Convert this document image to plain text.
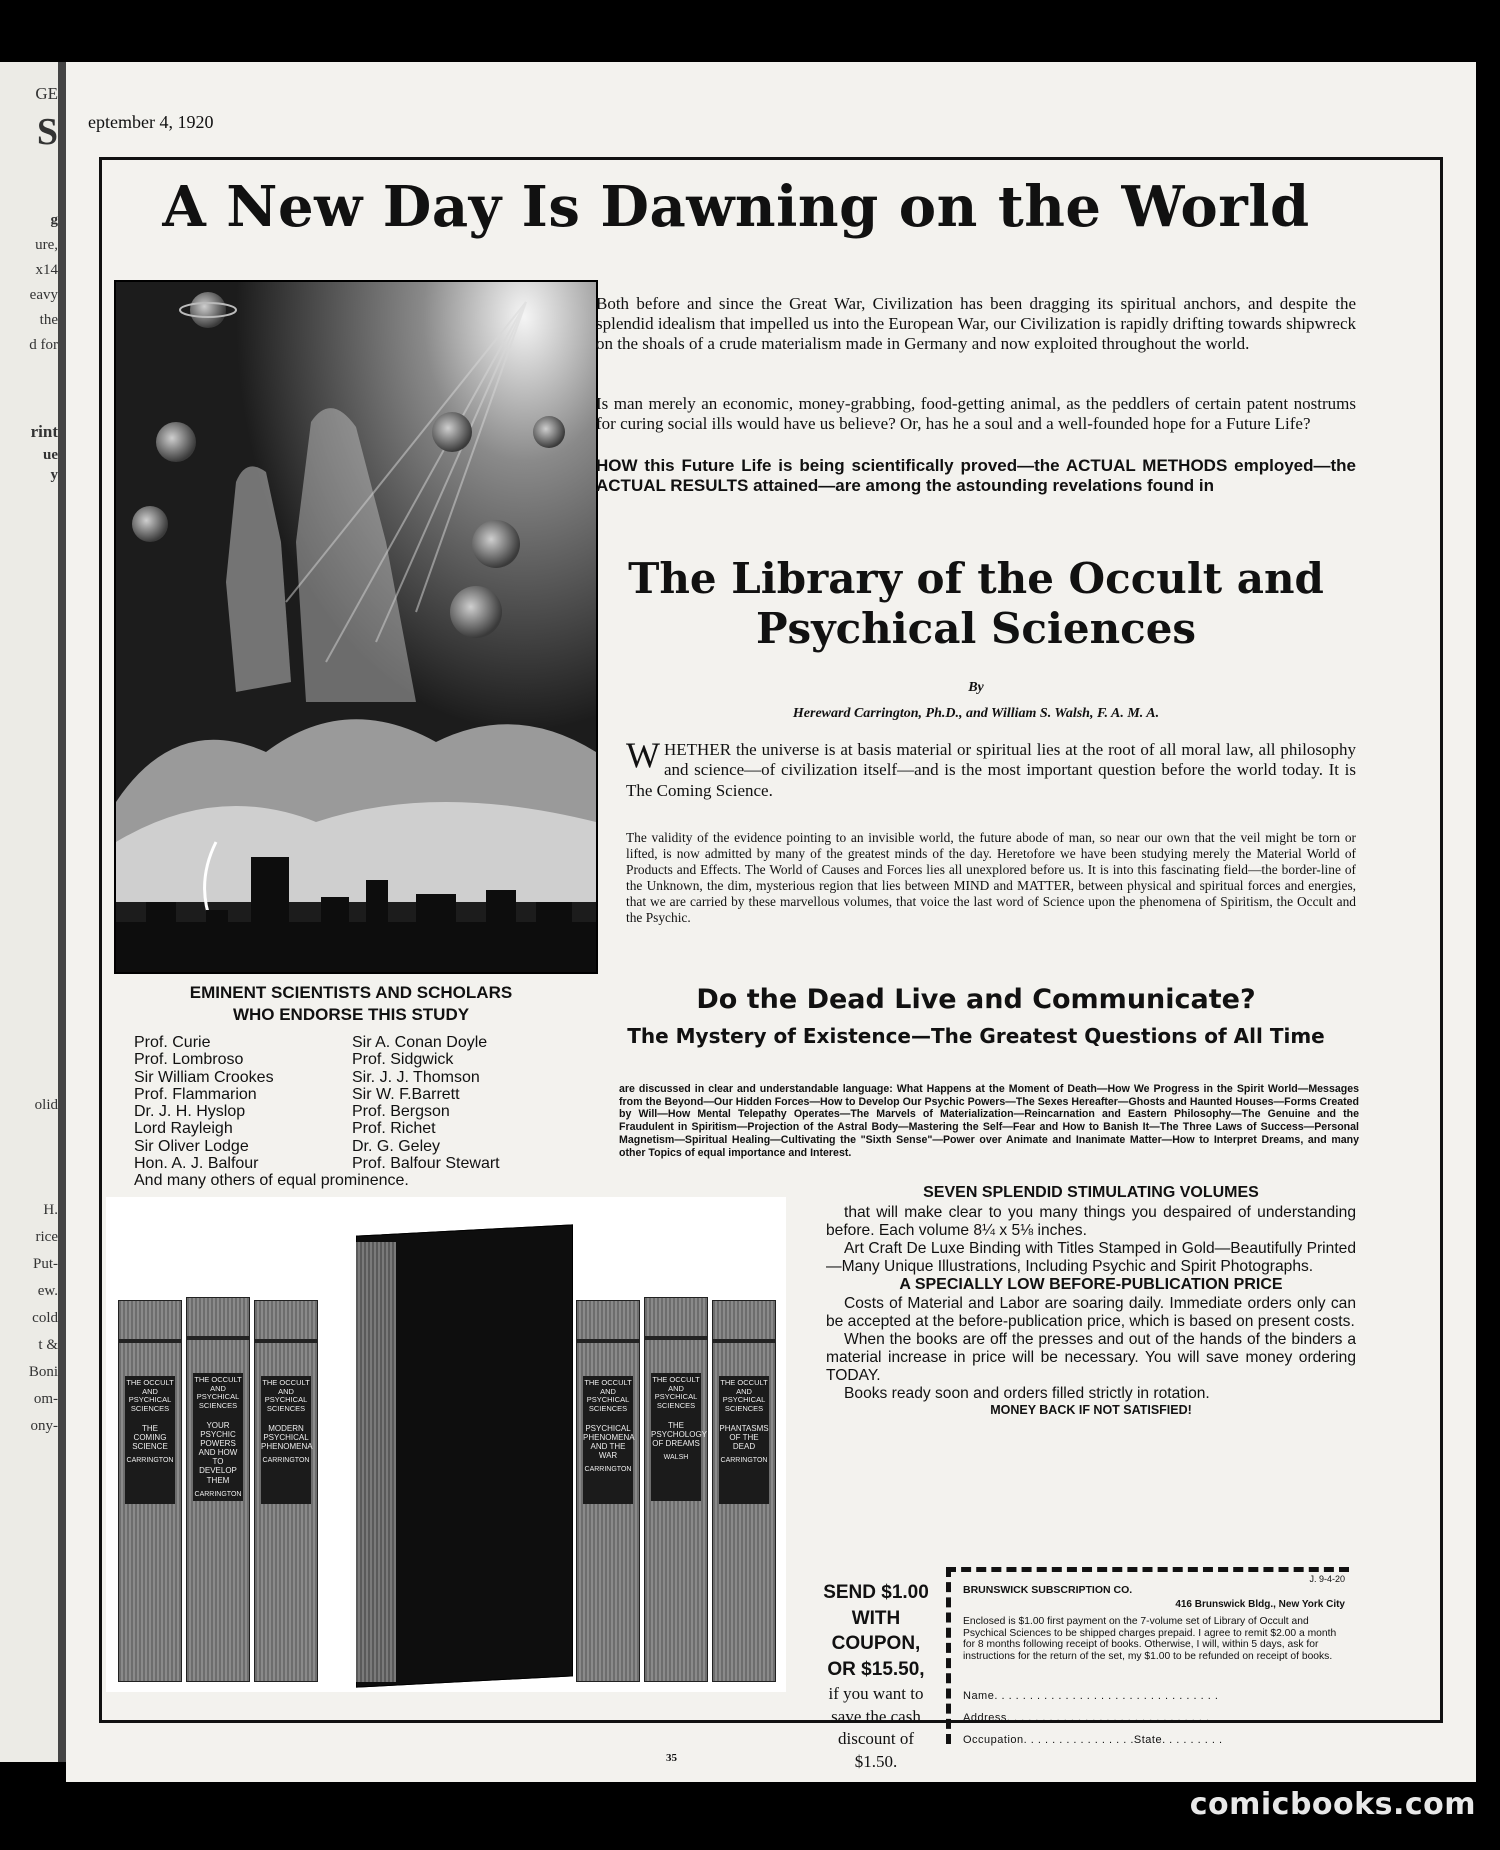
GE
S
g
ure,
x14
eavy
the
d for
rint
ue
y
olid
H.
rice
Put-
ew.
cold
t &
Boni
om-
ony-
eptember 4, 1920
A New Day Is Dawning on the World
Both before and since the Great War, Civilization has been dragging its spiritual anchors, and despite the splendid idealism that impelled us into the European War, our Civilization is rapidly drifting towards shipwreck on the shoals of a crude materialism made in Germany and now exploited throughout the world.
Is man merely an economic, money-grabbing, food-getting animal, as the peddlers of certain patent nostrums for curing social ills would have us believe? Or, has he a soul and a well-founded hope for a Future Life?
HOW this Future Life is being scientifically proved—the ACTUAL METHODS employed—the ACTUAL RESULTS attained—are among the astounding revelations found in
The Library of the Occult and Psychical Sciences
By
Hereward Carrington, Ph.D., and William S. Walsh, F. A. M. A.
W HETHER the universe is at basis material or spiritual lies at the root of all moral law, all philosophy and science—of civilization itself—and is the most important question before the world today. It is The Coming Science.
The validity of the evidence pointing to an invisible world, the future abode of man, so near our own that the veil might be torn or lifted, is now admitted by many of the greatest minds of the day. Heretofore we have been studying merely the Material World of Products and Effects. The World of Causes and Forces lies all unexplored before us. It is into this fascinating field—the border-line of the Unknown, the dim, mysterious region that lies between MIND and MATTER, between physical and spiritual forces and energies, that we are carried by these marvellous volumes, that voice the last word of Science upon the phenomena of Spiritism, the Occult and the Psychic.
EMINENT SCIENTISTS AND SCHOLARS
WHO ENDORSE THIS STUDY
Prof. Curie
Prof. Lombroso
Sir William Crookes
Prof. Flammarion
Dr. J. H. Hyslop
Lord Rayleigh
Sir Oliver Lodge
Hon. A. J. Balfour
Sir A. Conan Doyle
Prof. Sidgwick
Sir. J. J. Thomson
Sir W. F.Barrett
Prof. Bergson
Prof. Richet
Dr. G. Geley
Prof. Balfour Stewart
And many others of equal prominence.
Do the Dead Live and Communicate?
The Mystery of Existence—The Greatest Questions of All Time
are discussed in clear and understandable language: What Happens at the Moment of Death—How We Progress in the Spirit World—Messages from the Beyond—Our Hidden Forces—How to Develop Our Psychic Powers—The Sexes Hereafter—Ghosts and Haunted Houses—Forms Created by Will—How Mental Telepathy Operates—The Marvels of Materialization—Reincarnation and Eastern Philosophy—The Genuine and the Fraudulent in Spiritism—Projection of the Astral Body—Mastering the Self—Fear and How to Banish It—The Three Laws of Success—Personal Magnetism—Spiritual Healing—Cultivating the "Sixth Sense"—Power over Animate and Inanimate Matter—How to Interpret Dreams, and many other Topics of equal importance and Interest.
THE OCCULT AND PSYCHICAL SCIENCES
THE COMING SCIENCE
CARRINGTON
THE OCCULT AND PSYCHICAL SCIENCES
YOUR PSYCHIC POWERS AND HOW TO DEVELOP THEM
CARRINGTON
THE OCCULT AND PSYCHICAL SCIENCES
MODERN PSYCHICAL PHENOMENA
CARRINGTON
THE OCCULT AND PSYCHICAL SCIENCES
PSYCHICAL PHENOMENA AND THE WAR
CARRINGTON
THE OCCULT AND PSYCHICAL SCIENCES
THE PSYCHOLOGY OF DREAMS
WALSH
THE OCCULT AND PSYCHICAL SCIENCES
PHANTASMS OF THE DEAD
CARRINGTON
SEVEN SPLENDID STIMULATING VOLUMES

that will make clear to you many things you despaired of understanding before. Each volume 8¼ x 5⅛ inches.

Art Craft De Luxe Binding with Titles Stamped in Gold—Beautifully Printed—Many Unique Illustrations, Including Psychic and Spirit Photographs.

A SPECIALLY LOW BEFORE-PUBLICATION PRICE

Costs of Material and Labor are soaring daily. Immediate orders only can be accepted at the before-publication price, which is based on present costs.

When the books are off the presses and out of the hands of the binders a material increase in price will be necessary. You will save money ordering TODAY.

Books ready soon and orders filled strictly in rotation.

MONEY BACK IF NOT SATISFIED!

SEND $1.00 WITH COUPON, OR $15.50, if you want to save the cash discount of $1.50.
J. 9-4-20
BRUNSWICK SUBSCRIPTION CO.
416 Brunswick Bldg., New York City
Enclosed is $1.00 first payment on the 7-volume set of Library of Occult and Psychical Sciences to be shipped charges prepaid. I agree to remit $2.00 a month for 8 months following receipt of books. Otherwise, I will, within 5 days, ask for instructions for the return of the set, my $1.00 to be refunded on receipt of books.
Name. . . . . . . . . . . . . . . . . . . . . . . . . . . . . . . .
Address. . . . . . . . . . . . . . . . . . . . . . . . . . . . .
Occupation. . . . . . . . . . . . . . . .State. . . . . . . . .
35
comicbooks.com
